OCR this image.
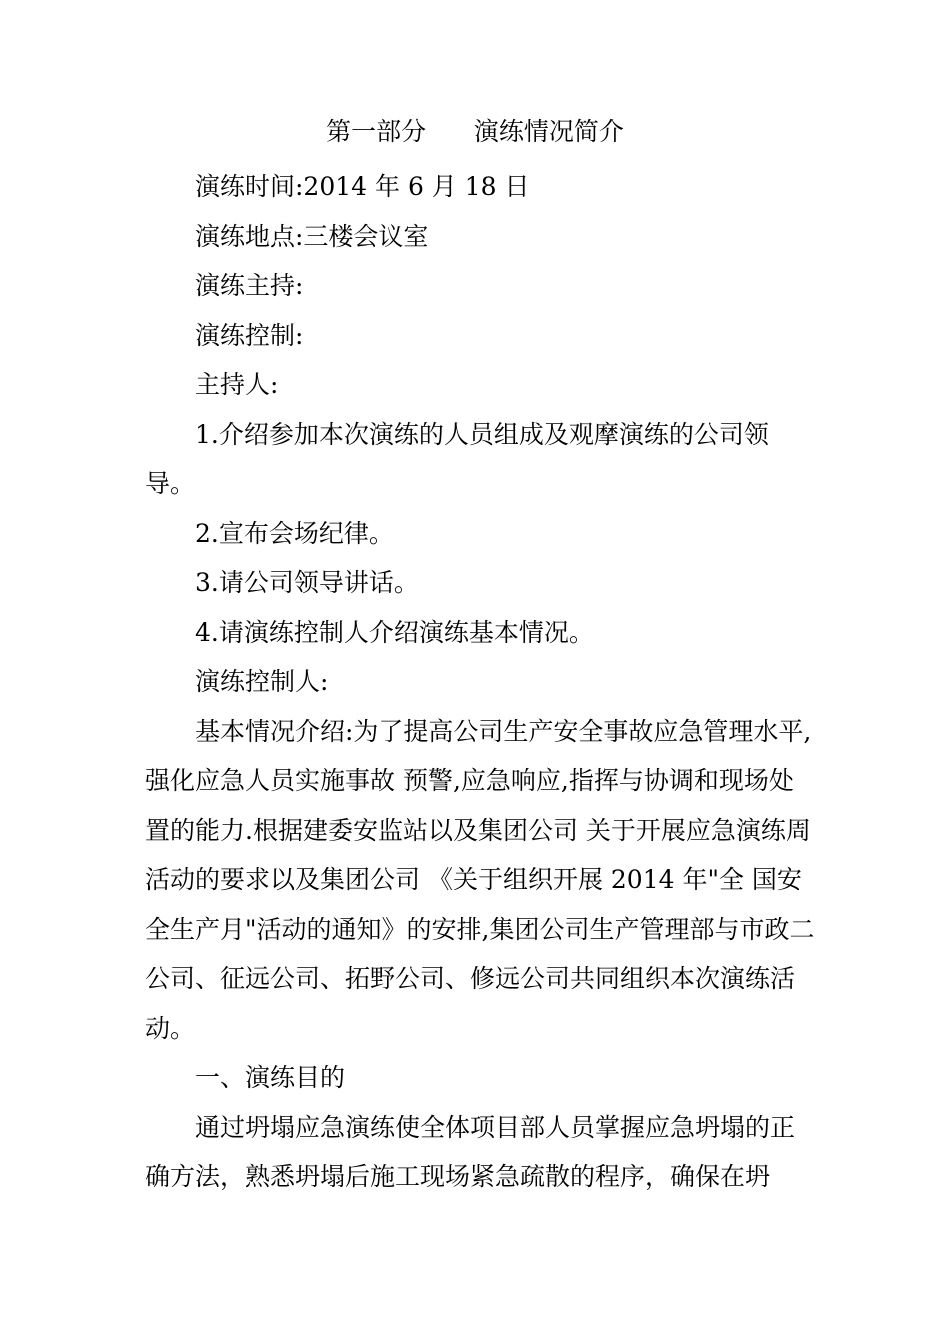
第一部分      演练情况简介

演练时间:2014 年 6 月 18 日

演练地点:三楼会议室

演练主持:

演练控制:

主持人:

1.介绍参加本次演练的人员组成及观摩演练的公司领导。

2.宣布会场纪律。

3.请公司领导讲话。

4.请演练控制人介绍演练基本情况。

演练控制人:

基本情况介绍:为了提高公司生产安全事故应急管理水平,强化应急人员实施事故 预警,应急响应,指挥与协调和现场处置的能力.根据建委安监站以及集团公司 关于开展应急演练周活动的要求以及集团公司 《关于组织开展 2014 年"全 国安全生产月"活动的通知》的安排,集团公司生产管理部与市政二公司、征远公司、拓野公司、修远公司共同组织本次演练活动。

一、演练目的

通过坍塌应急演练使全体项目部人员掌握应急坍塌的正确方法，熟悉坍塌后施工现场紧急疏散的程序，确保在坍
